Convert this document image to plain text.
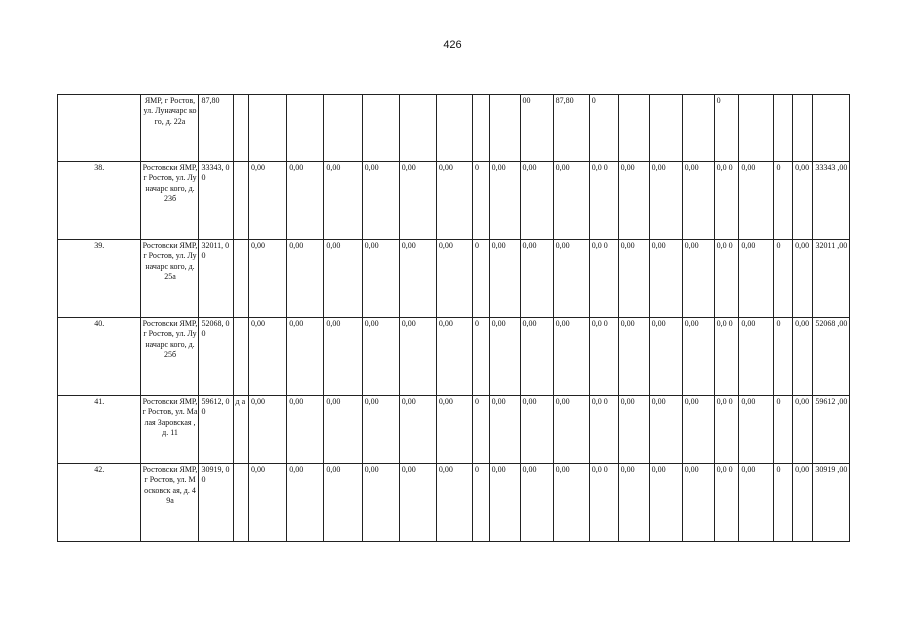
426
	ЯМР, г Ростов, ул. Луначарс кого, д. 22а	87,80										00	87,80	0				0				
38.	Ростовски ЯМР, г Ростов, ул. Луначарс кого, д. 23б	33343, 00		0,00	0,00	0,00	0,00	0,00	0,00	0	0,00	0,00	0,00	0,0 0	0,00	0,00	0,00	0,0 0	0,00	0	0,00	33343 ,00
39.	Ростовски ЯМР, г Ростов, ул. Луначарс кого, д. 25а	32011, 00		0,00	0,00	0,00	0,00	0,00	0,00	0	0,00	0,00	0,00	0,0 0	0,00	0,00	0,00	0,0 0	0,00	0	0,00	32011 ,00
40.	Ростовски ЯМР, г Ростов, ул. Луначарс кого, д. 25б	52068, 00		0,00	0,00	0,00	0,00	0,00	0,00	0	0,00	0,00	0,00	0,0 0	0,00	0,00	0,00	0,0 0	0,00	0	0,00	52068 ,00
41.	Ростовски ЯМР, г Ростов, ул. Малая Заровская , д. 11	59612, 00	д а	0,00	0,00	0,00	0,00	0,00	0,00	0	0,00	0,00	0,00	0,0 0	0,00	0,00	0,00	0,0 0	0,00	0	0,00	59612 ,00
42.	Ростовски ЯМР, г Ростов, ул. Московск ая, д. 49а	30919, 00		0,00	0,00	0,00	0,00	0,00	0,00	0	0,00	0,00	0,00	0,0 0	0,00	0,00	0,00	0,0 0	0,00	0	0,00	30919 ,00
